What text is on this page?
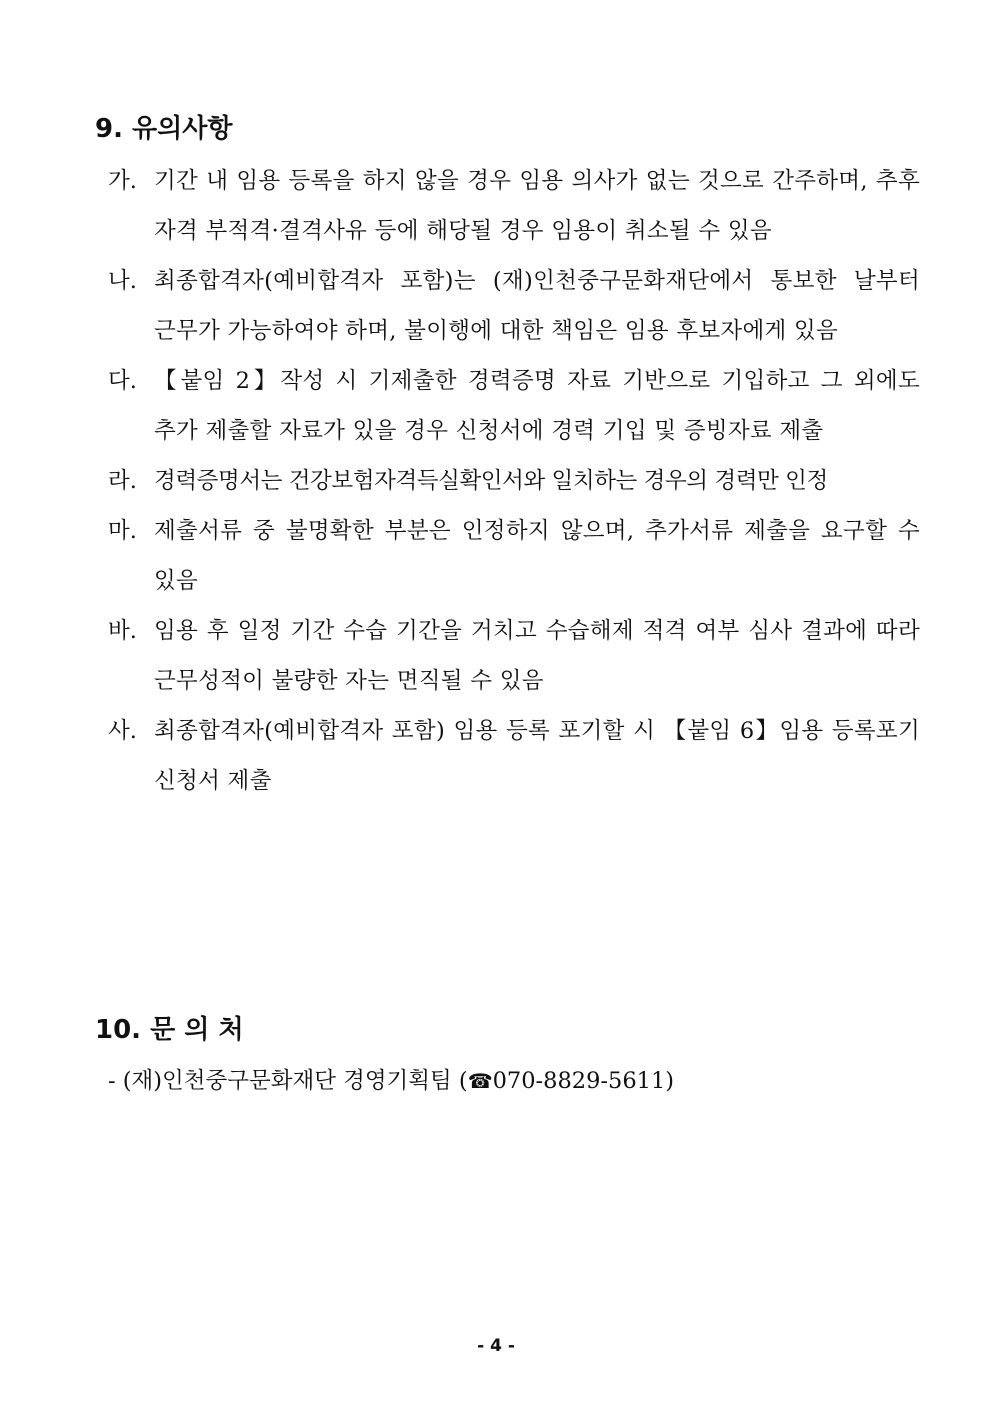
9. 유의사항
가. 기간 내 임용 등록을 하지 않을 경우 임용 의사가 없는 것으로 간주하며, 추후 자격 부적격·결격사유 등에 해당될 경우 임용이 취소될 수 있음
나. 최종합격자(예비합격자 포함)는 (재)인천중구문화재단에서 통보한 날부터 근무가 가능하여야 하며, 불이행에 대한 책임은 임용 후보자에게 있음
다. 【붙임 2】작성 시 기제출한 경력증명 자료 기반으로 기입하고 그 외에도 추가 제출할 자료가 있을 경우 신청서에 경력 기입 및 증빙자료 제출
라. 경력증명서는 건강보험자격득실확인서와 일치하는 경우의 경력만 인정
마. 제출서류 중 불명확한 부분은 인정하지 않으며, 추가서류 제출을 요구할 수 있음
바. 임용 후 일정 기간 수습 기간을 거치고 수습해제 적격 여부 심사 결과에 따라 근무성적이 불량한 자는 면직될 수 있음
사. 최종합격자(예비합격자 포함) 임용 등록 포기할 시 【붙임 6】임용 등록포기 신청서 제출
10. 문 의 처
- (재)인천중구문화재단 경영기획팀 (☎070-8829-5611)
- 4 -
